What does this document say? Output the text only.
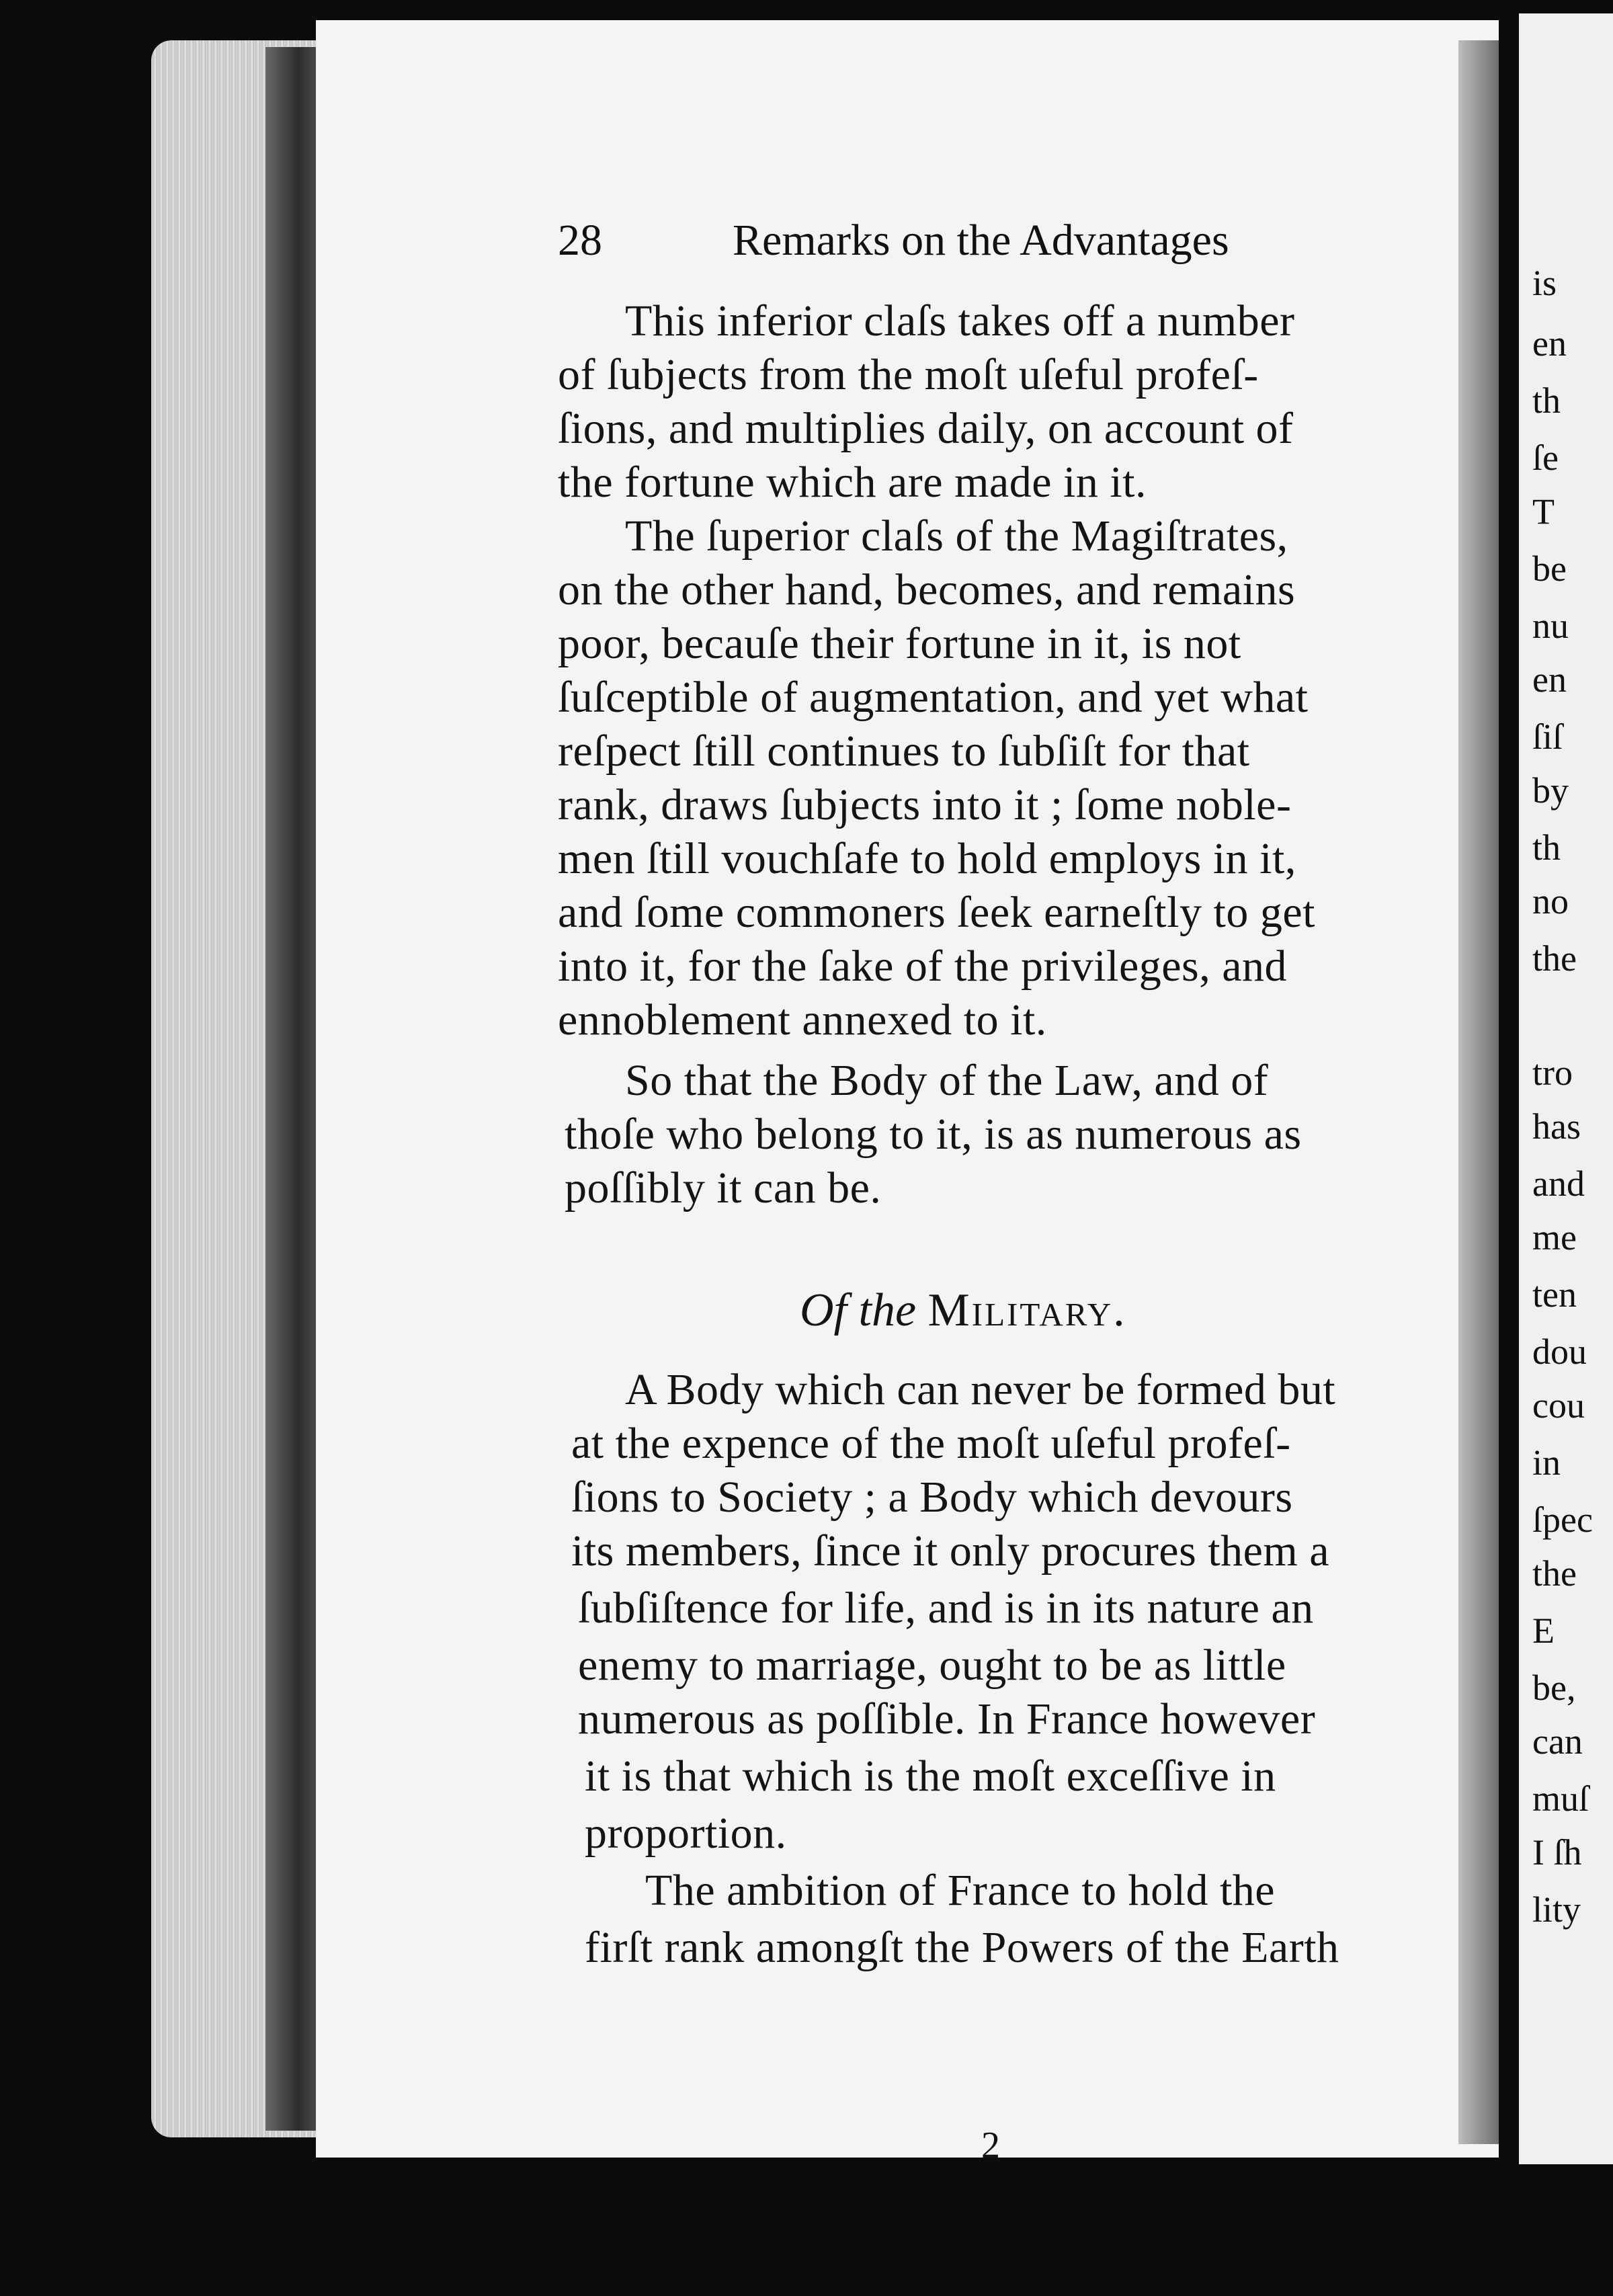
28	Remarks on the Advantages
This inferior claſs takes off a number
of ſubjects from the moſt uſeful profeſ-
ſions, and multiplies daily, on account of
the fortune which are made in it.
The ſuperior claſs of the Magiſtrates,
on the other hand, becomes, and remains
poor, becauſe their fortune in it, is not
ſuſceptible of augmentation, and yet what
reſpect ſtill continues to ſubſiſt for that
rank, draws ſubjects into it ; ſome noble-
men ſtill vouchſafe to hold employs in it,
and ſome commoners ſeek earneſtly to get
into it, for the ſake of the privileges, and
ennoblement annexed to it.
So that the Body of the Law, and of
thoſe who belong to it, is as numerous as
poſſibly it can be.
Of the Military.
A Body which can never be formed but
at the expence of the moſt uſeful profeſ-
ſions to Society ; a Body which devours
its members, ſince it only procures them a
ſubſiſtence for life, and is in its nature an
enemy to marriage, ought to be as little
numerous as poſſible. In France however
it is that which is the moſt exceſſive in
proportion.
The ambition of France to hold the
firſt rank amongſt the Powers of the Earth
2
is
en
th
ſe
T
be
nu
en
ſiſ
by
th
no
the
tro
has
and
me
ten
dou
cou
in
ſpec
the
E
be,
can
muſ
I ſh
lity
